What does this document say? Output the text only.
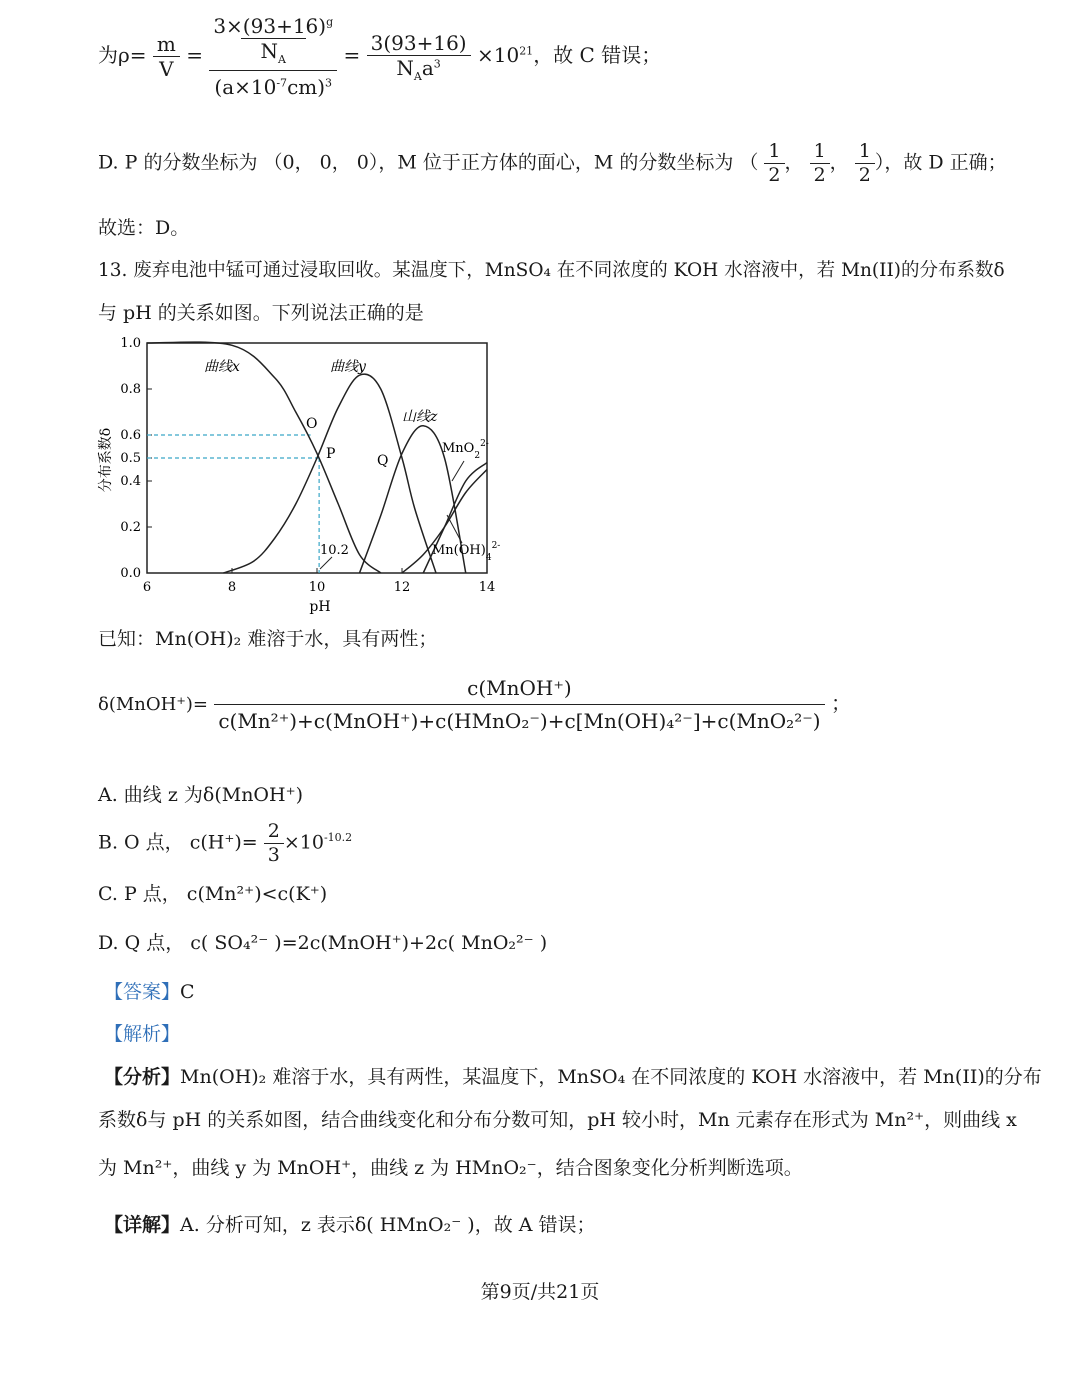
为$\rho= \frac{m}{V}$ =
$3\times(93+16)^g$
$N_A$
$(a\times 10^{-7}cm)^3$
= $\frac{3(93+16)}{N_Aa^3} \times 10^{21}$，故 C 错误；
D. P 的分数坐标为 （0， 0， 0），M 位于正方体的面心，M 的分数坐标为 （ $\frac{1}{2}$ ， $\frac{1}{2}$ ， $\frac{1}{2}$ ），故 D 正确；
故选：D。
13. 废弃电池中锰可通过浸取回收。某温度下，MnSO₄ 在不同浓度的 KOH 水溶液中，若 Mn(II)的分布系数δ
与 pH 的关系如图。下列说法正确的是
6	8	10	12	14
0.0
0.2
0.4
0.5
0.6
0.8
1.0
pH
分布系数δ
曲线x	曲线y
山线z
MnO$_2^{2-}$
$Mn(OH)_4^{2-}$
O
P	Q
10.2
已知：Mn(OH)₂ 难溶于水，具有两性；
δ(MnOH⁺)= $\frac{\text{c(MnOH⁺)}}{\text{c(Mn²⁺)+c(MnOH⁺)+c(HMnO₂⁻)+c[Mn(OH)₄²⁻]+c(MnO₂²⁻)}}$ ；
A. 曲线 z 为δ(MnOH⁺)
B. O 点， $c(H^+)= \frac{2}{3} \times 10^{-10.2}$
C. P 点， c(Mn²⁺)<c(K⁺)
D. Q 点， c( SO₄²⁻ )=2c(MnOH⁺)+2c( MnO₂²⁻ )
【答案】C
【解析】
【分析】Mn(OH)₂ 难溶于水，具有两性，某温度下，MnSO₄ 在不同浓度的 KOH 水溶液中，若 Mn(II)的分布
系数δ与 pH 的关系如图，结合曲线变化和分布分数可知，pH 较小时，Mn 元素存在形式为 Mn²⁺，则曲线 x
为 Mn²⁺，曲线 y 为 MnOH⁺，曲线 z 为 HMnO₂⁻，结合图象变化分析判断选项。
【详解】A. 分析可知，z 表示δ( HMnO₂⁻ )，故 A 错误；
第9页/共21页
